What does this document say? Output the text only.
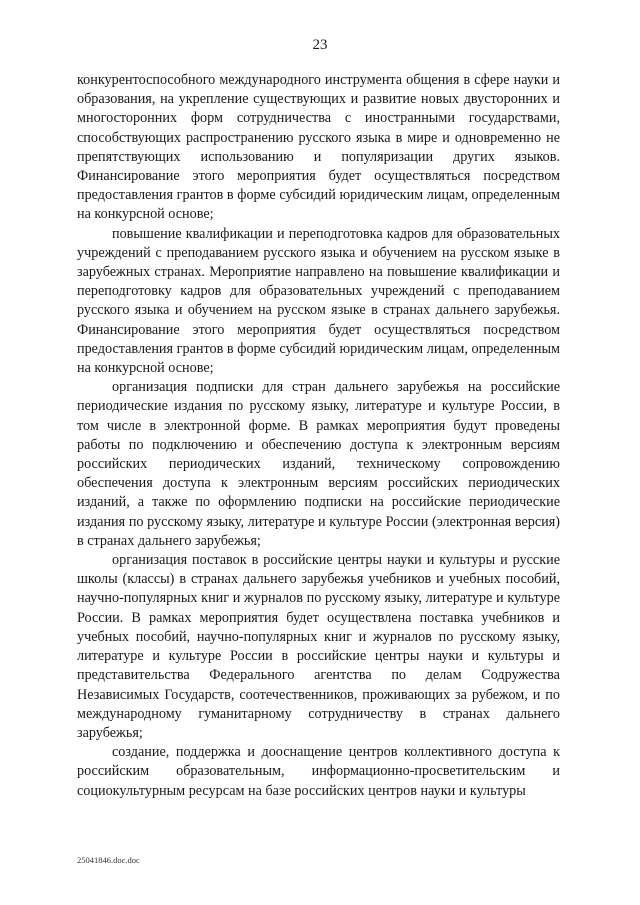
23

конкурентоспособного международного инструмента общения в сфере науки и образования, на укрепление существующих и развитие новых двусторонних и многосторонних форм сотрудничества с иностранными государствами, способствующих распространению русского языка в мире и одновременно не препятствующих использованию и популяризации других языков. Финансирование этого мероприятия будет осуществляться посредством предоставления грантов в форме субсидий юридическим лицам, определенным на конкурсной основе;

повышение квалификации и переподготовка кадров для образовательных учреждений с преподаванием русского языка и обучением на русском языке в зарубежных странах. Мероприятие направлено на повышение квалификации и переподготовку кадров для образовательных учреждений с преподаванием русского языка и обучением на русском языке в странах дальнего зарубежья. Финансирование этого мероприятия будет осуществляться посредством предоставления грантов в форме субсидий юридическим лицам, определенным на конкурсной основе;

организация подписки для стран дальнего зарубежья на российские периодические издания по русскому языку, литературе и культуре России, в том числе в электронной форме. В рамках мероприятия будут проведены работы по подключению и обеспечению доступа к электронным версиям российских периодических изданий, техническому сопровождению обеспечения доступа к электронным версиям российских периодических изданий, а также по оформлению подписки на российские периодические издания по русскому языку, литературе и культуре России (электронная версия) в странах дальнего зарубежья;

организация поставок в российские центры науки и культуры и русские школы (классы) в странах дальнего зарубежья учебников и учебных пособий, научно-популярных книг и журналов по русскому языку, литературе и культуре России. В рамках мероприятия будет осуществлена поставка учебников и учебных пособий, научно-популярных книг и журналов по русскому языку, литературе и культуре России в российские центры науки и культуры и представительства Федерального агентства по делам Содружества Независимых Государств, соотечественников, проживающих за рубежом, и по международному гуманитарному сотрудничеству в странах дальнего зарубежья;

создание, поддержка и дооснащение центров коллективного доступа к российским образовательным, информационно-просветительским и социокультурным ресурсам на базе российских центров науки и культуры

25041846.doc.doc
